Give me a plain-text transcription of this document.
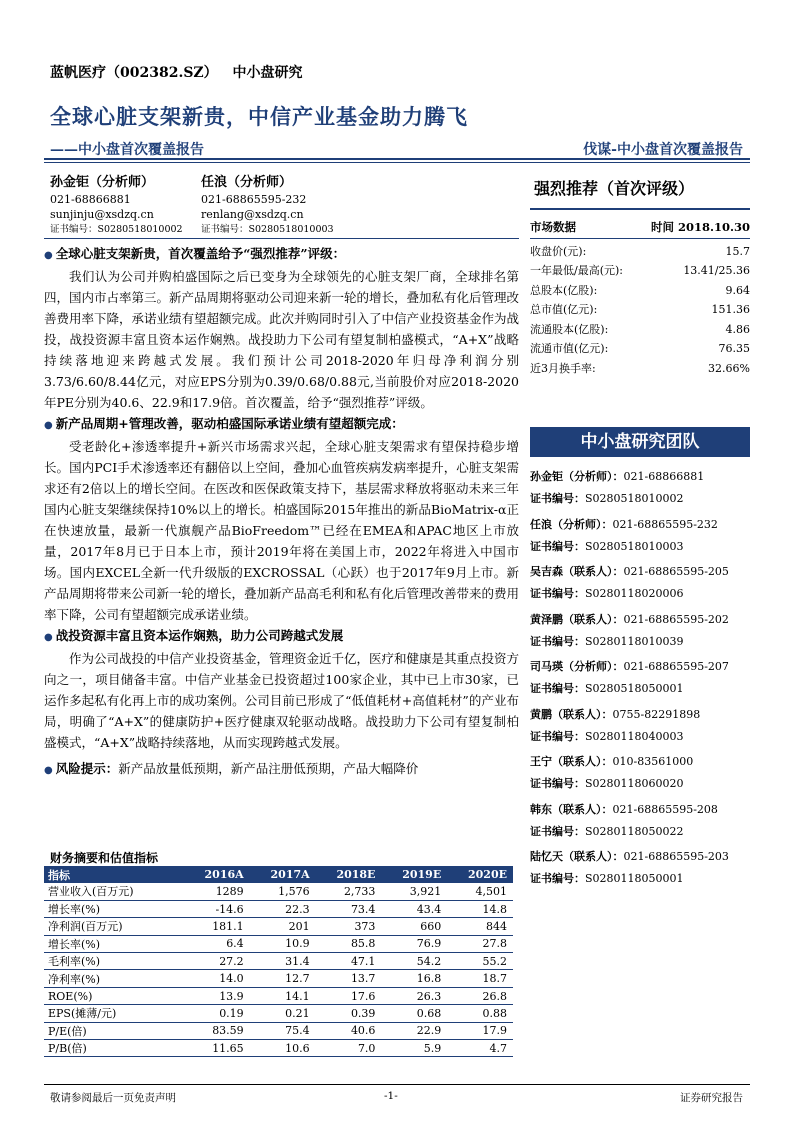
蓝帆医疗（002382.SZ） 中小盘研究
全球心脏支架新贵，中信产业基金助力腾飞
——中小盘首次覆盖报告	伐谋-中小盘首次覆盖报告
孙金钜（分析师）
021-68866881
sunjinju@xsdzq.cn
证书编号：S0280518010002
任浪（分析师）
021-68865595-232
renlang@xsdzq.cn
证书编号：S0280518010003
● 全球心脏支架新贵，首次覆盖给予“强烈推荐”评级：
我们认为公司并购柏盛国际之后已变身为全球领先的心脏支架厂商，全球排名第四，国内市占率第三。新产品周期将驱动公司迎来新一轮的增长，叠加私有化后管理改善费用率下降，承诺业绩有望超额完成。此次并购同时引入了中信产业投资基金作为战投，战投资源丰富且资本运作娴熟。战投助力下公司有望复制柏盛模式，“A+X”战略持续落地迎来跨越式发展。我们预计公司2018-2020年归母净利润分别3.73/6.60/8.44亿元，对应EPS分别为0.39/0.68/0.88元,当前股价对应2018-2020年PE分别为40.6、22.9和17.9倍。首次覆盖，给予“强烈推荐”评级。
● 新产品周期+管理改善，驱动柏盛国际承诺业绩有望超额完成：
受老龄化+渗透率提升+新兴市场需求兴起，全球心脏支架需求有望保持稳步增长。国内PCI手术渗透率还有翻倍以上空间，叠加心血管疾病发病率提升，心脏支架需求还有2倍以上的增长空间。在医改和医保政策支持下，基层需求释放将驱动未来三年国内心脏支架继续保持10%以上的增长。柏盛国际2015年推出的新品BioMatrix-α正在快速放量，最新一代旗舰产品BioFreedom™已经在EMEA和APAC地区上市放量，2017年8月已于日本上市，预计2019年将在美国上市，2022年将进入中国市场。国内EXCEL全新一代升级版的EXCROSSAL（心跃）也于2017年9月上市。新产品周期将带来公司新一轮的增长，叠加新产品高毛利和私有化后管理改善带来的费用率下降，公司有望超额完成承诺业绩。
● 战投资源丰富且资本运作娴熟，助力公司跨越式发展
作为公司战投的中信产业投资基金，管理资金近千亿，医疗和健康是其重点投资方向之一，项目储备丰富。中信产业基金已投资超过100家企业，其中已上市30家，已运作多起私有化再上市的成功案例。公司目前已形成了“低值耗材+高值耗材”的产业布局，明确了“A+X”的健康防护+医疗健康双轮驱动战略。战投助力下公司有望复制柏盛模式，“A+X”战略持续落地，从而实现跨越式发展。
● 风险提示：新产品放量低预期，新产品注册低预期，产品大幅降价
强烈推荐（首次评级）
市场数据	时间 2018.10.30
收盘价(元):	15.7
一年最低/最高(元):	13.41/25.36
总股本(亿股):	9.64
总市值(亿元):	151.36
流通股本(亿股):	4.86
流通市值(亿元):	76.35
近3月换手率:	32.66%
中小盘研究团队
孙金钜（分析师）：021-68866881
证书编号：S0280518010002
任浪（分析师）：021-68865595-232
证书编号：S0280518010003
吴吉森（联系人）：021-68865595-205
证书编号：S0280118020006
黄泽鹏（联系人）：021-68865595-202
证书编号：S0280118010039
司马瑛（分析师）：021-68865595-207
证书编号：S0280518050001
黄鹏（联系人）：0755-82291898
证书编号：S0280118040003
王宁（联系人）：010-83561000
证书编号：S0280118060020
韩东（联系人）：021-68865595-208
证书编号：S0280118050022
陆忆天（联系人）：021-68865595-203
证书编号：S0280118050001
财务摘要和估值指标
指标	2016A	2017A	2018E	2019E	2020E
营业收入(百万元)	1289	1,576	2,733	3,921	4,501
增长率(%)	-14.6	22.3	73.4	43.4	14.8
净利润(百万元)	181.1	201	373	660	844
增长率(%)	6.4	10.9	85.8	76.9	27.8
毛利率(%)	27.2	31.4	47.1	54.2	55.2
净利率(%)	14.0	12.7	13.7	16.8	18.7
ROE(%)	13.9	14.1	17.6	26.3	26.8
EPS(摊薄/元)	0.19	0.21	0.39	0.68	0.88
P/E(倍)	83.59	75.4	40.6	22.9	17.9
P/B(倍)	11.65	10.6	7.0	5.9	4.7
敬请参阅最后一页免责声明	-1-	证券研究报告
